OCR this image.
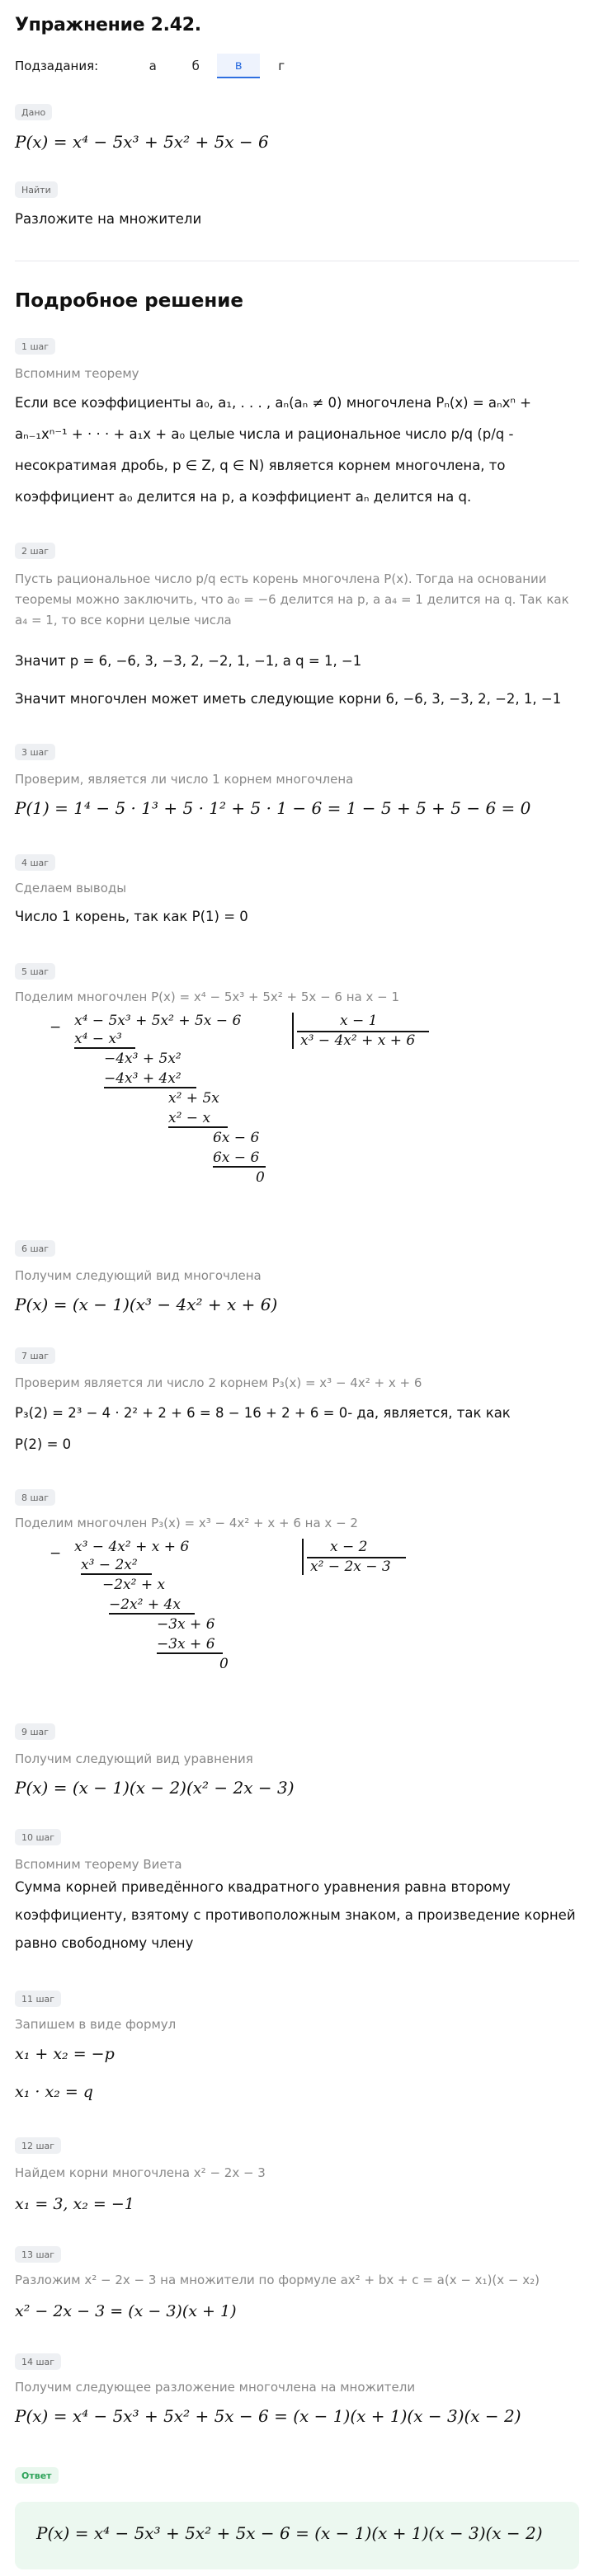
Упражнение 2.42.
Подзадания:	а	б	в	г
Дано
P(x) = x⁴ − 5x³ + 5x² + 5x − 6
Найти
Разложите на множители
Подробное решение
1 шаг
Вспомним теорему
Если все коэффициенты a₀, a₁, . . . , aₙ(aₙ ≠ 0) многочлена Pₙ(x) = aₙxⁿ + aₙ₋₁xⁿ⁻¹ + · · · + a₁x + a₀ целые числа и рациональное число p/q (p/q - несократимая дробь, p ∈ Z, q ∈ N) является корнем многочлена, то коэффициент a₀ делится на p, а коэффициент aₙ делится на q.
2 шаг
Пусть рациональное число p/q есть корень многочлена P(x). Тогда на основании теоремы можно заключить, что a₀ = −6 делится на p, а a₄ = 1 делится на q. Так как a₄ = 1, то все корни целые числа
Значит p = 6, −6, 3, −3, 2, −2, 1, −1, а q = 1, −1
Значит многочлен может иметь следующие корни 6, −6, 3, −3, 2, −2, 1, −1
3 шаг
Проверим, является ли число 1 корнем многочлена
P(1) = 1⁴ − 5 · 1³ + 5 · 1² + 5 · 1 − 6 = 1 − 5 + 5 + 5 − 6 = 0
4 шаг
Сделаем выводы
Число 1 корень, так как P(1) = 0
5 шаг
Поделим многочлен P(x) = x⁴ − 5x³ + 5x² + 5x − 6 на x − 1
− x⁴ − 5x³ + 5x² + 5x − 6	x − 1
x³ − 4x² + x + 6
x⁴ − x³
−4x³ + 5x²
−4x³ + 4x²
x² + 5x
x² − x
6x − 6
6x − 6
0
6 шаг
Получим следующий вид многочлена
P(x) = (x − 1)(x³ − 4x² + x + 6)
7 шаг
Проверим является ли число 2 корнем P₃(x) = x³ − 4x² + x + 6
P₃(2) = 2³ − 4 · 2² + 2 + 6 = 8 − 16 + 2 + 6 = 0- да, является, так как
P(2) = 0
8 шаг
Поделим многочлен P₃(x) = x³ − 4x² + x + 6 на x − 2
− x³ − 4x² + x + 6	x − 2
x² − 2x − 3
x³ − 2x²
−2x² + x
−2x² + 4x
−3x + 6
−3x + 6
0
9 шаг
Получим следующий вид уравнения
P(x) = (x − 1)(x − 2)(x² − 2x − 3)
10 шаг
Вспомним теорему Виета
Сумма корней приведённого квадратного уравнения равна второму коэффициенту, взятому с противоположным знаком, а произведение корней равно свободному члену
11 шаг
Запишем в виде формул
x₁ + x₂ = −p
x₁ · x₂ = q
12 шаг
Найдем корни многочлена x² − 2x − 3
x₁ = 3, x₂ = −1
13 шаг
Разложим x² − 2x − 3 на множители по формуле ax² + bx + c = a(x − x₁)(x − x₂)
x² − 2x − 3 = (x − 3)(x + 1)
14 шаг
Получим следующее разложение многочлена на множители
P(x) = x⁴ − 5x³ + 5x² + 5x − 6 = (x − 1)(x + 1)(x − 3)(x − 2)
Ответ
P(x) = x⁴ − 5x³ + 5x² + 5x − 6 = (x − 1)(x + 1)(x − 3)(x − 2)
